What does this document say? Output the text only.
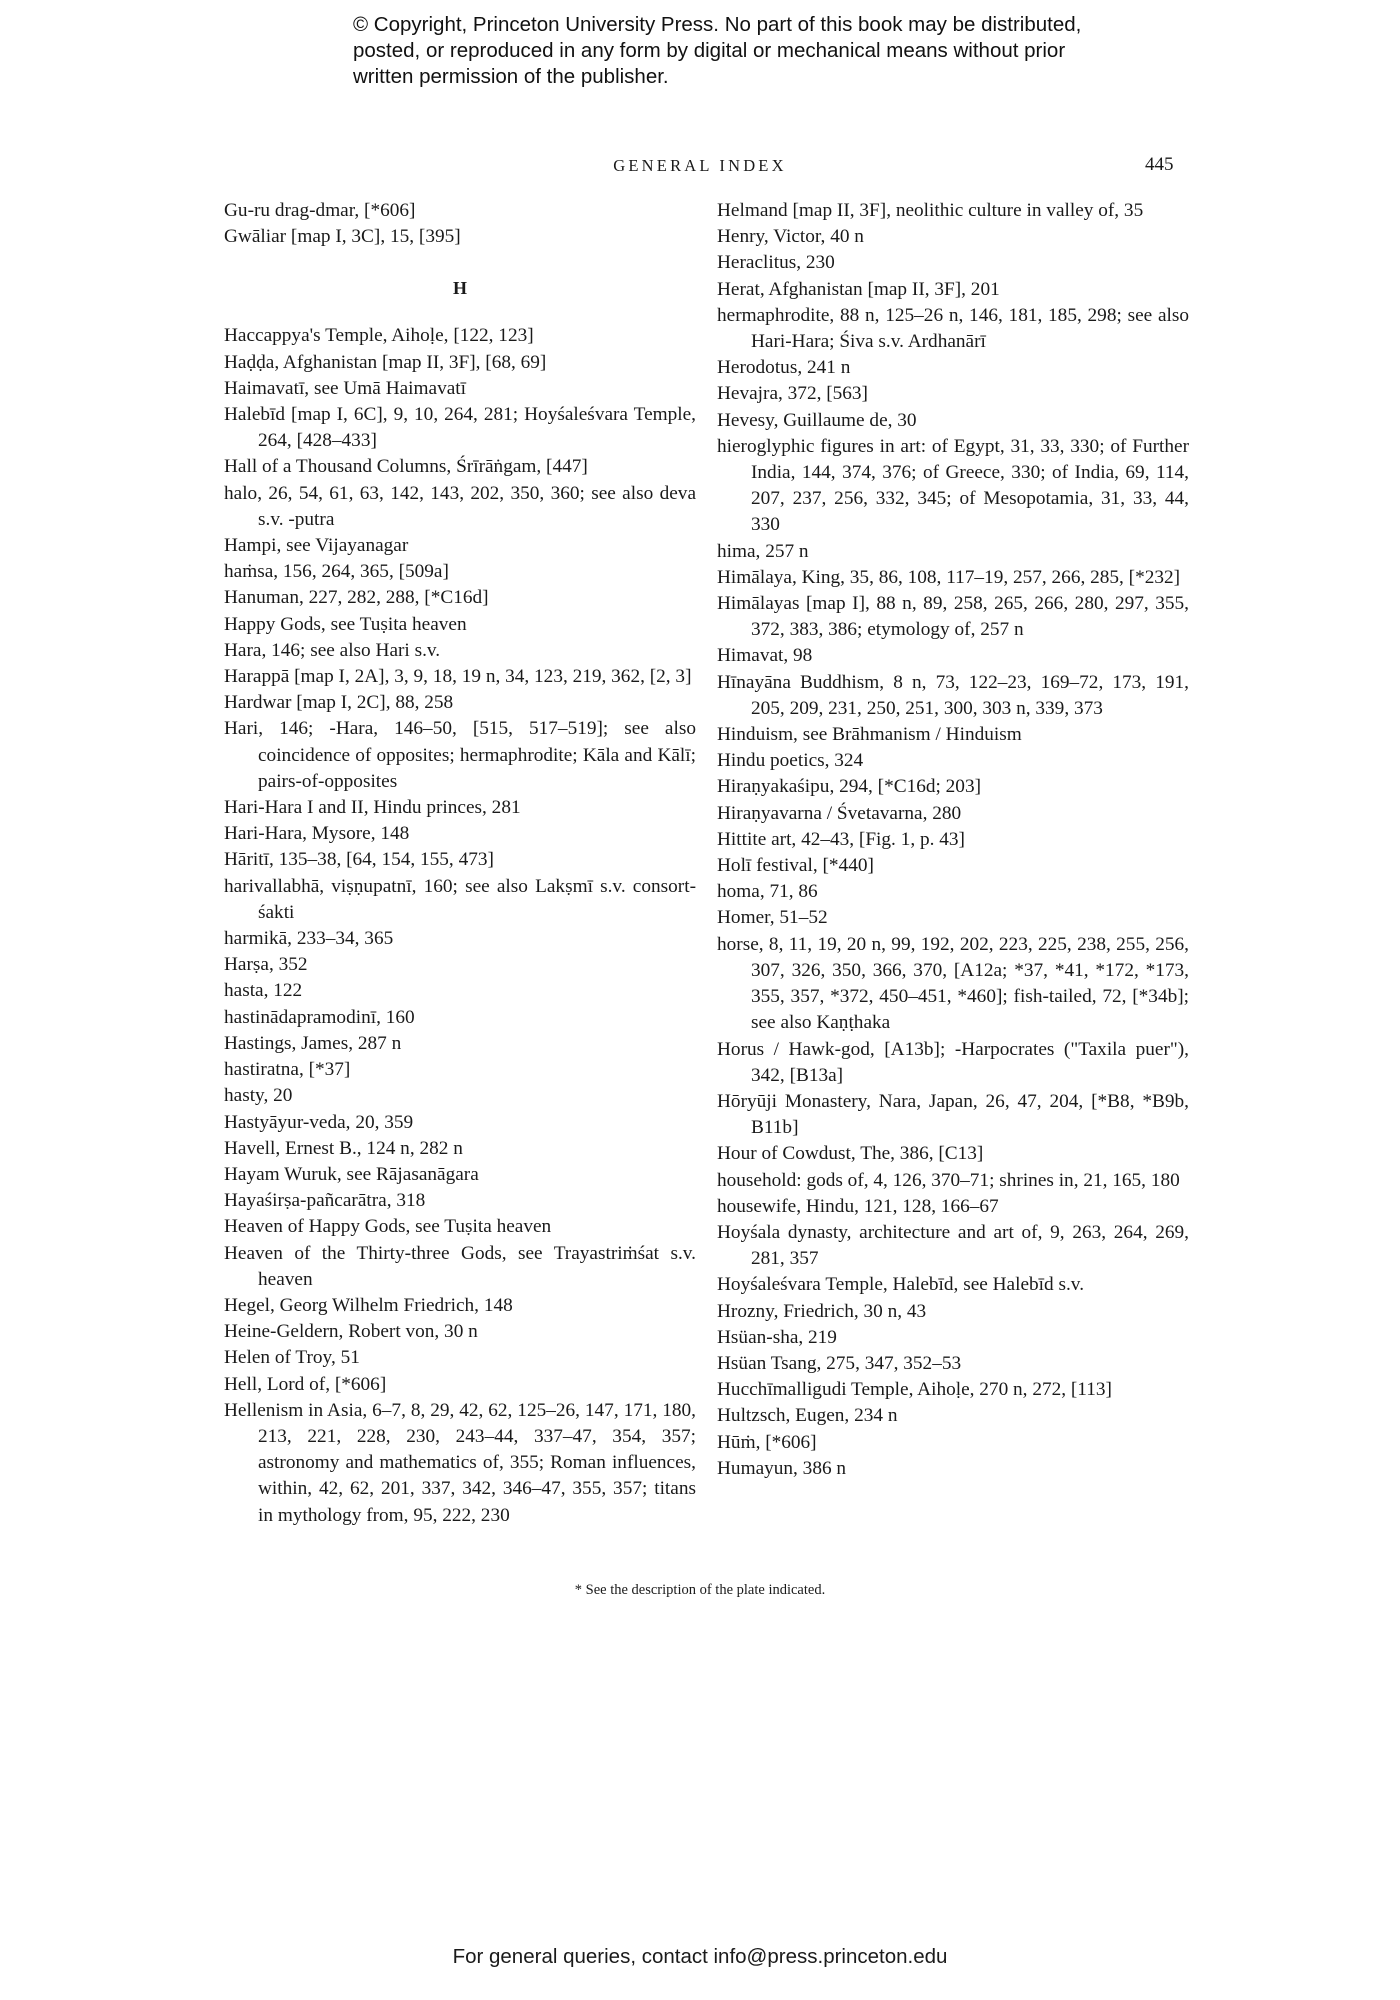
© Copyright, Princeton University Press. No part of this book may be distributed, posted, or reproduced in any form by digital or mechanical means without prior written permission of the publisher.
GENERAL INDEX	445
Gu-ru drag-dmar, [*606]
Gwāliar [map I, 3C], 15, [395]
H
Haccappya's Temple, Aihoḷe, [122, 123]
Haḍḍa, Afghanistan [map II, 3F], [68, 69]
Haimavatī, see Umā Haimavatī
Halebīd [map I, 6C], 9, 10, 264, 281; Hoyśaleśvara Temple, 264, [428–433]
Hall of a Thousand Columns, Śrīrāṅgam, [447]
halo, 26, 54, 61, 63, 142, 143, 202, 350, 360; see also deva s.v. -putra
Hampi, see Vijayanagar
haṁsa, 156, 264, 365, [509a]
Hanuman, 227, 282, 288, [*C16d]
Happy Gods, see Tuṣita heaven
Hara, 146; see also Hari s.v.
Harappā [map I, 2A], 3, 9, 18, 19 n, 34, 123, 219, 362, [2, 3]
Hardwar [map I, 2C], 88, 258
Hari, 146; -Hara, 146–50, [515, 517–519]; see also coincidence of opposites; hermaphrodite; Kāla and Kālī; pairs-of-opposites
Hari-Hara I and II, Hindu princes, 281
Hari-Hara, Mysore, 148
Hāritī, 135–38, [64, 154, 155, 473]
harivallabhā, viṣṇupatnī, 160; see also Lakṣmī s.v. consort-śakti
harmikā, 233–34, 365
Harṣa, 352
hasta, 122
hastinādapramodinī, 160
Hastings, James, 287 n
hastiratna, [*37]
hasty, 20
Hastyāyur-veda, 20, 359
Havell, Ernest B., 124 n, 282 n
Hayam Wuruk, see Rājasanāgara
Hayaśirṣa-pañcarātra, 318
Heaven of Happy Gods, see Tuṣita heaven
Heaven of the Thirty-three Gods, see Trayastriṁśat s.v. heaven
Hegel, Georg Wilhelm Friedrich, 148
Heine-Geldern, Robert von, 30 n
Helen of Troy, 51
Hell, Lord of, [*606]
Hellenism in Asia, 6–7, 8, 29, 42, 62, 125–26, 147, 171, 180, 213, 221, 228, 230, 243–44, 337–47, 354, 357; astronomy and mathematics of, 355; Roman influences, within, 42, 62, 201, 337, 342, 346–47, 355, 357; titans in mythology from, 95, 222, 230
Helmand [map II, 3F], neolithic culture in valley of, 35
Henry, Victor, 40 n
Heraclitus, 230
Herat, Afghanistan [map II, 3F], 201
hermaphrodite, 88 n, 125–26 n, 146, 181, 185, 298; see also Hari-Hara; Śiva s.v. Ardhanārī
Herodotus, 241 n
Hevajra, 372, [563]
Hevesy, Guillaume de, 30
hieroglyphic figures in art: of Egypt, 31, 33, 330; of Further India, 144, 374, 376; of Greece, 330; of India, 69, 114, 207, 237, 256, 332, 345; of Mesopotamia, 31, 33, 44, 330
hima, 257 n
Himālaya, King, 35, 86, 108, 117–19, 257, 266, 285, [*232]
Himālayas [map I], 88 n, 89, 258, 265, 266, 280, 297, 355, 372, 383, 386; etymology of, 257 n
Himavat, 98
Hīnayāna Buddhism, 8 n, 73, 122–23, 169–72, 173, 191, 205, 209, 231, 250, 251, 300, 303 n, 339, 373
Hinduism, see Brāhmanism / Hinduism
Hindu poetics, 324
Hiraṇyakaśipu, 294, [*C16d; 203]
Hiraṇyavarna / Śvetavarna, 280
Hittite art, 42–43, [Fig. 1, p. 43]
Holī festival, [*440]
homa, 71, 86
Homer, 51–52
horse, 8, 11, 19, 20 n, 99, 192, 202, 223, 225, 238, 255, 256, 307, 326, 350, 366, 370, [A12a; *37, *41, *172, *173, 355, 357, *372, 450–451, *460]; fish-tailed, 72, [*34b]; see also Kaṇṭhaka
Horus / Hawk-god, [A13b]; -Harpocrates ("Taxila puer"), 342, [B13a]
Hōryūji Monastery, Nara, Japan, 26, 47, 204, [*B8, *B9b, B11b]
Hour of Cowdust, The, 386, [C13]
household: gods of, 4, 126, 370–71; shrines in, 21, 165, 180
housewife, Hindu, 121, 128, 166–67
Hoyśala dynasty, architecture and art of, 9, 263, 264, 269, 281, 357
Hoyśaleśvara Temple, Halebīd, see Halebīd s.v.
Hrozny, Friedrich, 30 n, 43
Hsüan-sha, 219
Hsüan Tsang, 275, 347, 352–53
Hucchīmalligudi Temple, Aihoḷe, 270 n, 272, [113]
Hultzsch, Eugen, 234 n
Hūṁ, [*606]
Humayun, 386 n
* See the description of the plate indicated.
For general queries, contact info@press.princeton.edu
